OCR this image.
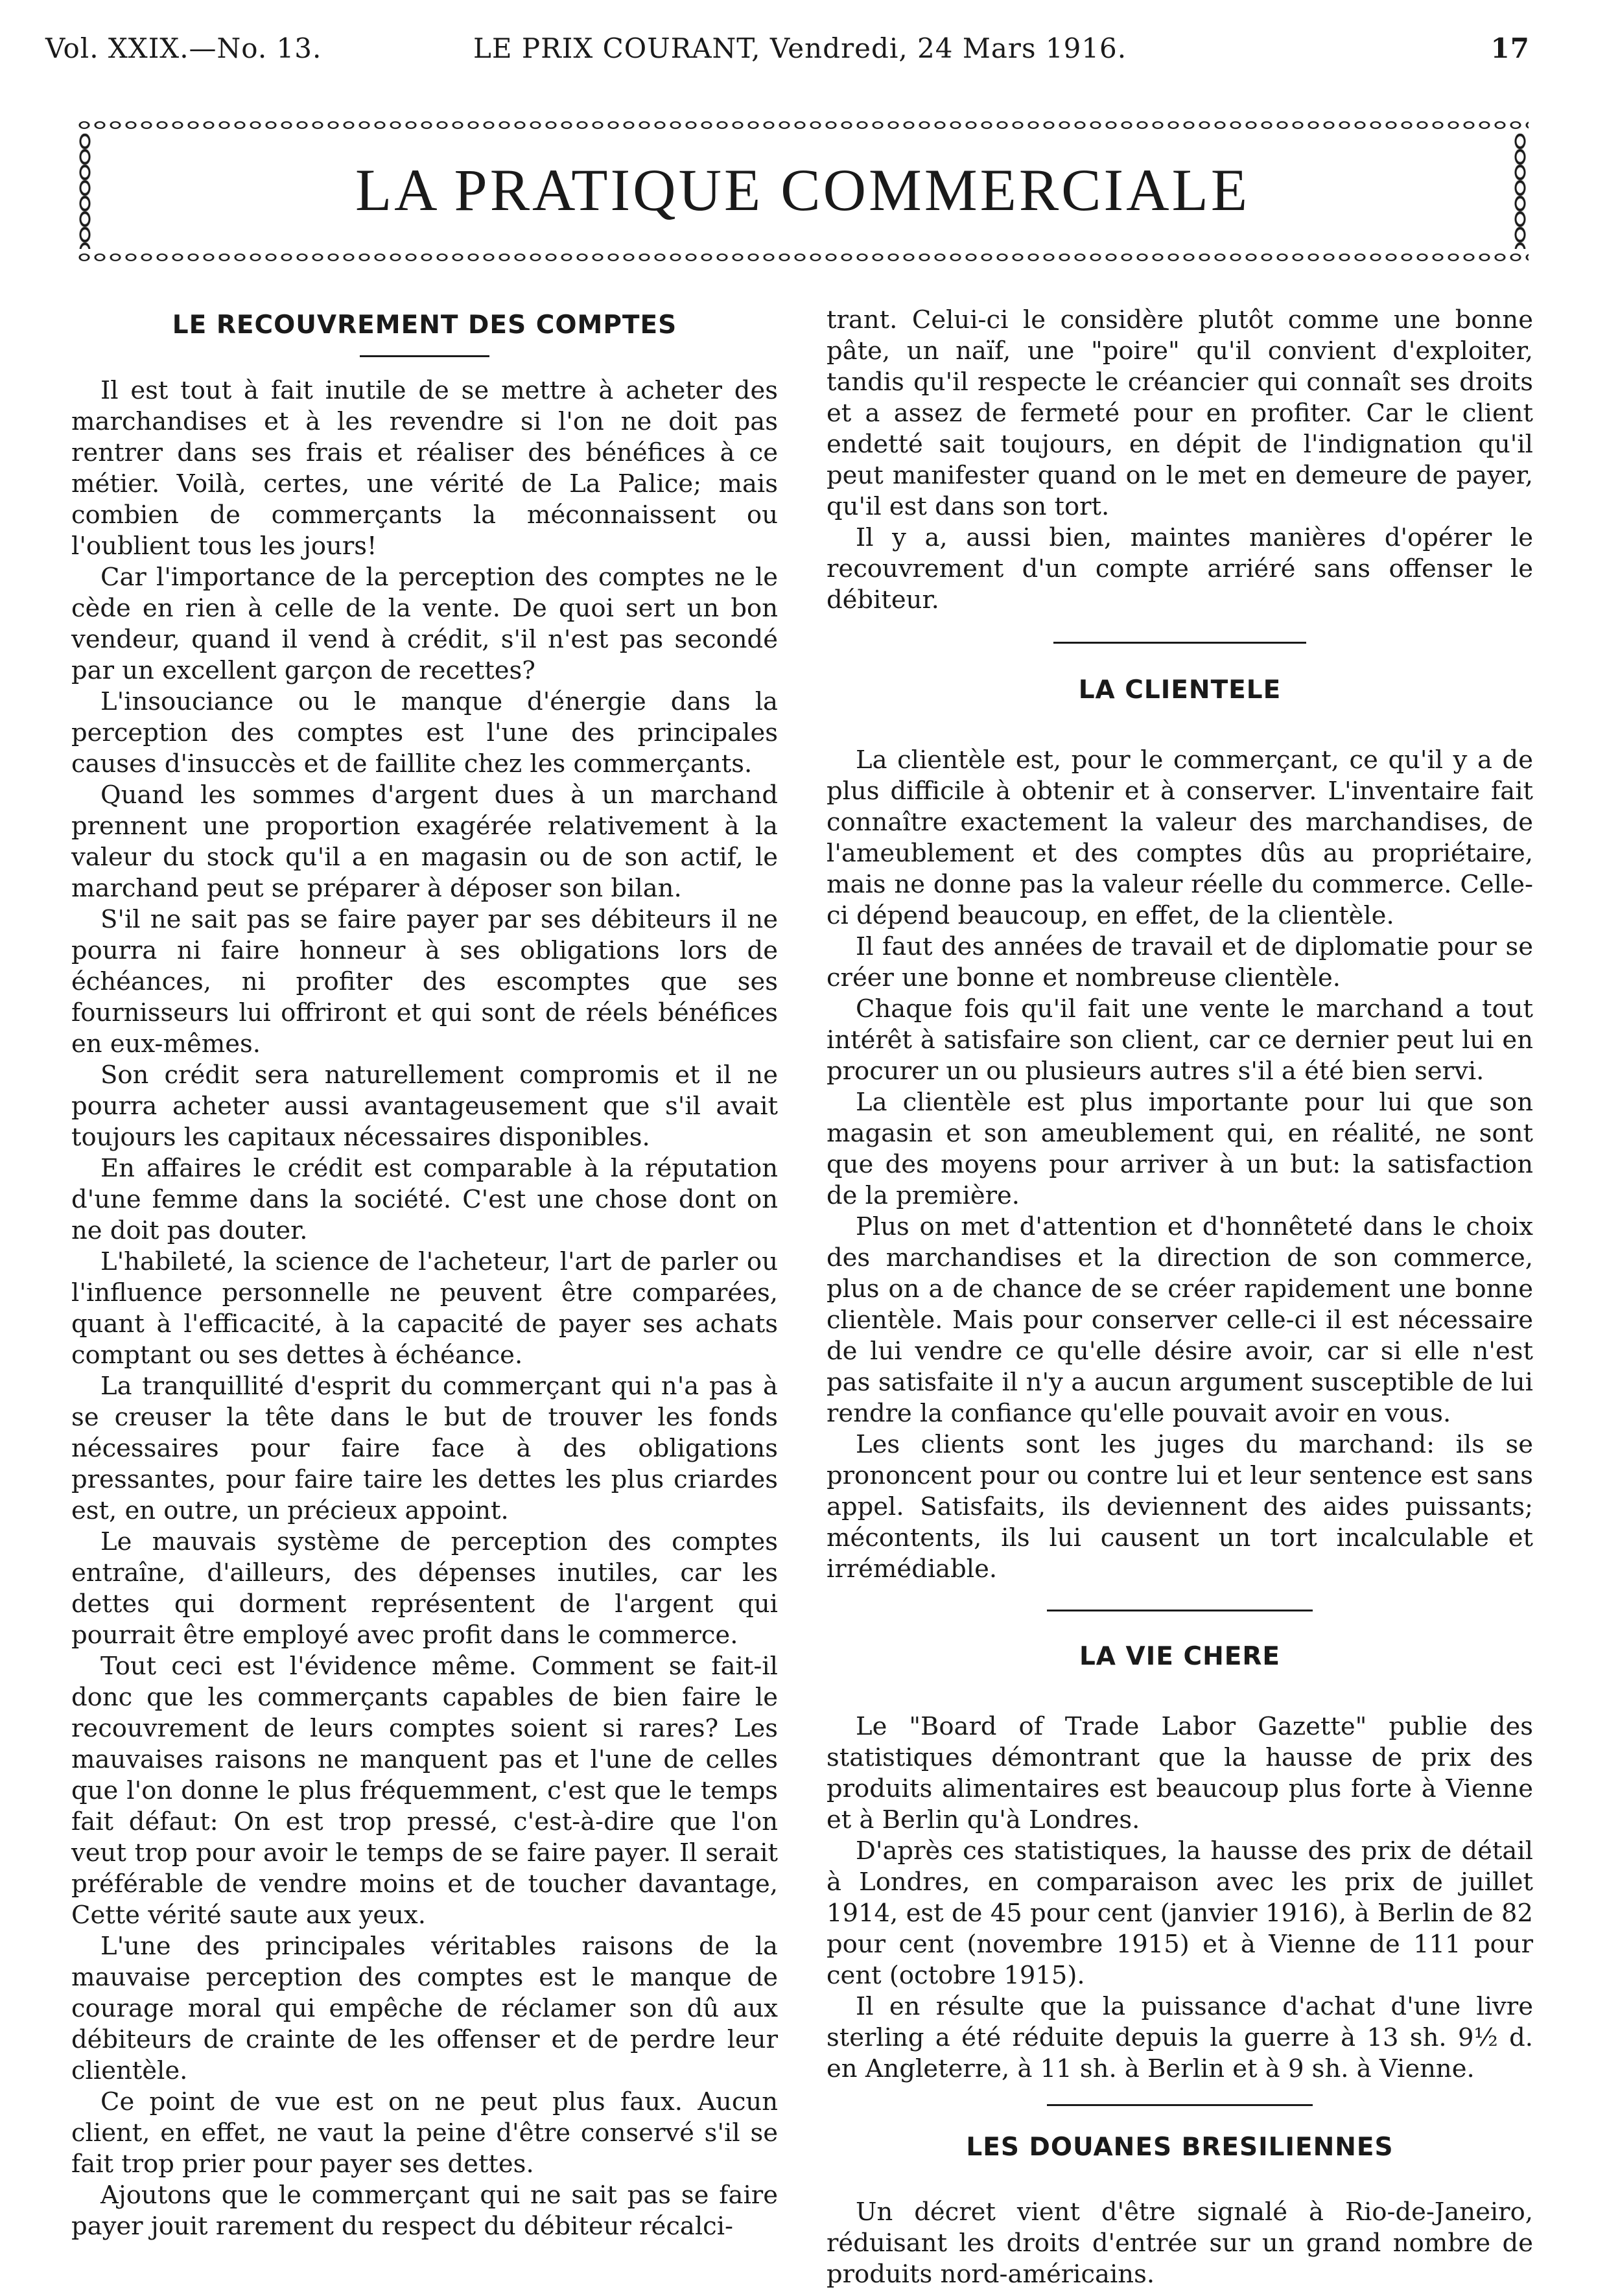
Vol. XXIX.—No. 13.	LE PRIX COURANT, Vendredi, 24 Mars 1916.	17
LA PRATIQUE COMMERCIALE
LE RECOUVREMENT DES COMPTES

Il est tout à fait inutile de se mettre à acheter des marchandises et à les revendre si l'on ne doit pas rentrer dans ses frais et réaliser des bénéfices à ce métier. Voilà, certes, une vérité de La Palice; mais combien de commerçants la méconnaissent ou l'oublient tous les jours!

Car l'importance de la perception des comptes ne le cède en rien à celle de la vente. De quoi sert un bon vendeur, quand il vend à crédit, s'il n'est pas secondé par un excellent garçon de recettes?

L'insouciance ou le manque d'énergie dans la perception des comptes est l'une des principales causes d'insuccès et de faillite chez les commerçants.

Quand les sommes d'argent dues à un marchand prennent une proportion exagérée relativement à la valeur du stock qu'il a en magasin ou de son actif, le marchand peut se préparer à déposer son bilan.

S'il ne sait pas se faire payer par ses débiteurs il ne pourra ni faire honneur à ses obligations lors de échéances, ni profiter des escomptes que ses fournisseurs lui offriront et qui sont de réels bénéfices en eux-mêmes.

Son crédit sera naturellement compromis et il ne pourra acheter aussi avantageusement que s'il avait toujours les capitaux nécessaires disponibles.

En affaires le crédit est comparable à la réputation d'une femme dans la société. C'est une chose dont on ne doit pas douter.

L'habileté, la science de l'acheteur, l'art de parler ou l'influence personnelle ne peuvent être comparées, quant à l'efficacité, à la capacité de payer ses achats comptant ou ses dettes à échéance.

La tranquillité d'esprit du commerçant qui n'a pas à se creuser la tête dans le but de trouver les fonds nécessaires pour faire face à des obligations pressantes, pour faire taire les dettes les plus criardes est, en outre, un précieux appoint.

Le mauvais système de perception des comptes entraîne, d'ailleurs, des dépenses inutiles, car les dettes qui dorment représentent de l'argent qui pourrait être employé avec profit dans le commerce.

Tout ceci est l'évidence même. Comment se fait-il donc que les commerçants capables de bien faire le recouvrement de leurs comptes soient si rares? Les mauvaises raisons ne manquent pas et l'une de celles que l'on donne le plus fréquemment, c'est que le temps fait défaut: On est trop pressé, c'est-à-dire que l'on veut trop pour avoir le temps de se faire payer. Il serait préférable de vendre moins et de toucher davantage, Cette vérité saute aux yeux.

L'une des principales véritables raisons de la mauvaise perception des comptes est le manque de courage moral qui empêche de réclamer son dû aux débiteurs de crainte de les offenser et de perdre leur clientèle.

Ce point de vue est on ne peut plus faux. Aucun client, en effet, ne vaut la peine d'être conservé s'il se fait trop prier pour payer ses dettes.

Ajoutons que le commerçant qui ne sait pas se faire payer jouit rarement du respect du débiteur récalci-

trant. Celui-ci le considère plutôt comme une bonne pâte, un naïf, une "poire" qu'il convient d'exploiter, tandis qu'il respecte le créancier qui connaît ses droits et a assez de fermeté pour en profiter. Car le client endetté sait toujours, en dépit de l'indignation qu'il peut manifester quand on le met en demeure de payer, qu'il est dans son tort.

Il y a, aussi bien, maintes manières d'opérer le recouvrement d'un compte arriéré sans offenser le débiteur.

LA CLIENTELE

La clientèle est, pour le commerçant, ce qu'il y a de plus difficile à obtenir et à conserver. L'inventaire fait connaître exactement la valeur des marchandises, de l'ameublement et des comptes dûs au propriétaire, mais ne donne pas la valeur réelle du commerce. Celle-ci dépend beaucoup, en effet, de la clientèle.

Il faut des années de travail et de diplomatie pour se créer une bonne et nombreuse clientèle.

Chaque fois qu'il fait une vente le marchand a tout intérêt à satisfaire son client, car ce dernier peut lui en procurer un ou plusieurs autres s'il a été bien servi.

La clientèle est plus importante pour lui que son magasin et son ameublement qui, en réalité, ne sont que des moyens pour arriver à un but: la satisfaction de la première.

Plus on met d'attention et d'honnêteté dans le choix des marchandises et la direction de son commerce, plus on a de chance de se créer rapidement une bonne clientèle. Mais pour conserver celle-ci il est nécessaire de lui vendre ce qu'elle désire avoir, car si elle n'est pas satisfaite il n'y a aucun argument susceptible de lui rendre la confiance qu'elle pouvait avoir en vous.

Les clients sont les juges du marchand: ils se prononcent pour ou contre lui et leur sentence est sans appel. Satisfaits, ils deviennent des aides puissants; mécontents, ils lui causent un tort incalculable et irrémédiable.

LA VIE CHERE

Le "Board of Trade Labor Gazette" publie des statistiques démontrant que la hausse de prix des produits alimentaires est beaucoup plus forte à Vienne et à Berlin qu'à Londres.

D'après ces statistiques, la hausse des prix de détail à Londres, en comparaison avec les prix de juillet 1914, est de 45 pour cent (janvier 1916), à Berlin de 82 pour cent (novembre 1915) et à Vienne de 111 pour cent (octobre 1915).

Il en résulte que la puissance d'achat d'une livre sterling a été réduite depuis la guerre à 13 sh. 9½ d. en Angleterre, à 11 sh. à Berlin et à 9 sh. à Vienne.

LES DOUANES BRESILIENNES

Un décret vient d'être signalé à Rio-de-Janeiro, réduisant les droits d'entrée sur un grand nombre de produits nord-américains.
